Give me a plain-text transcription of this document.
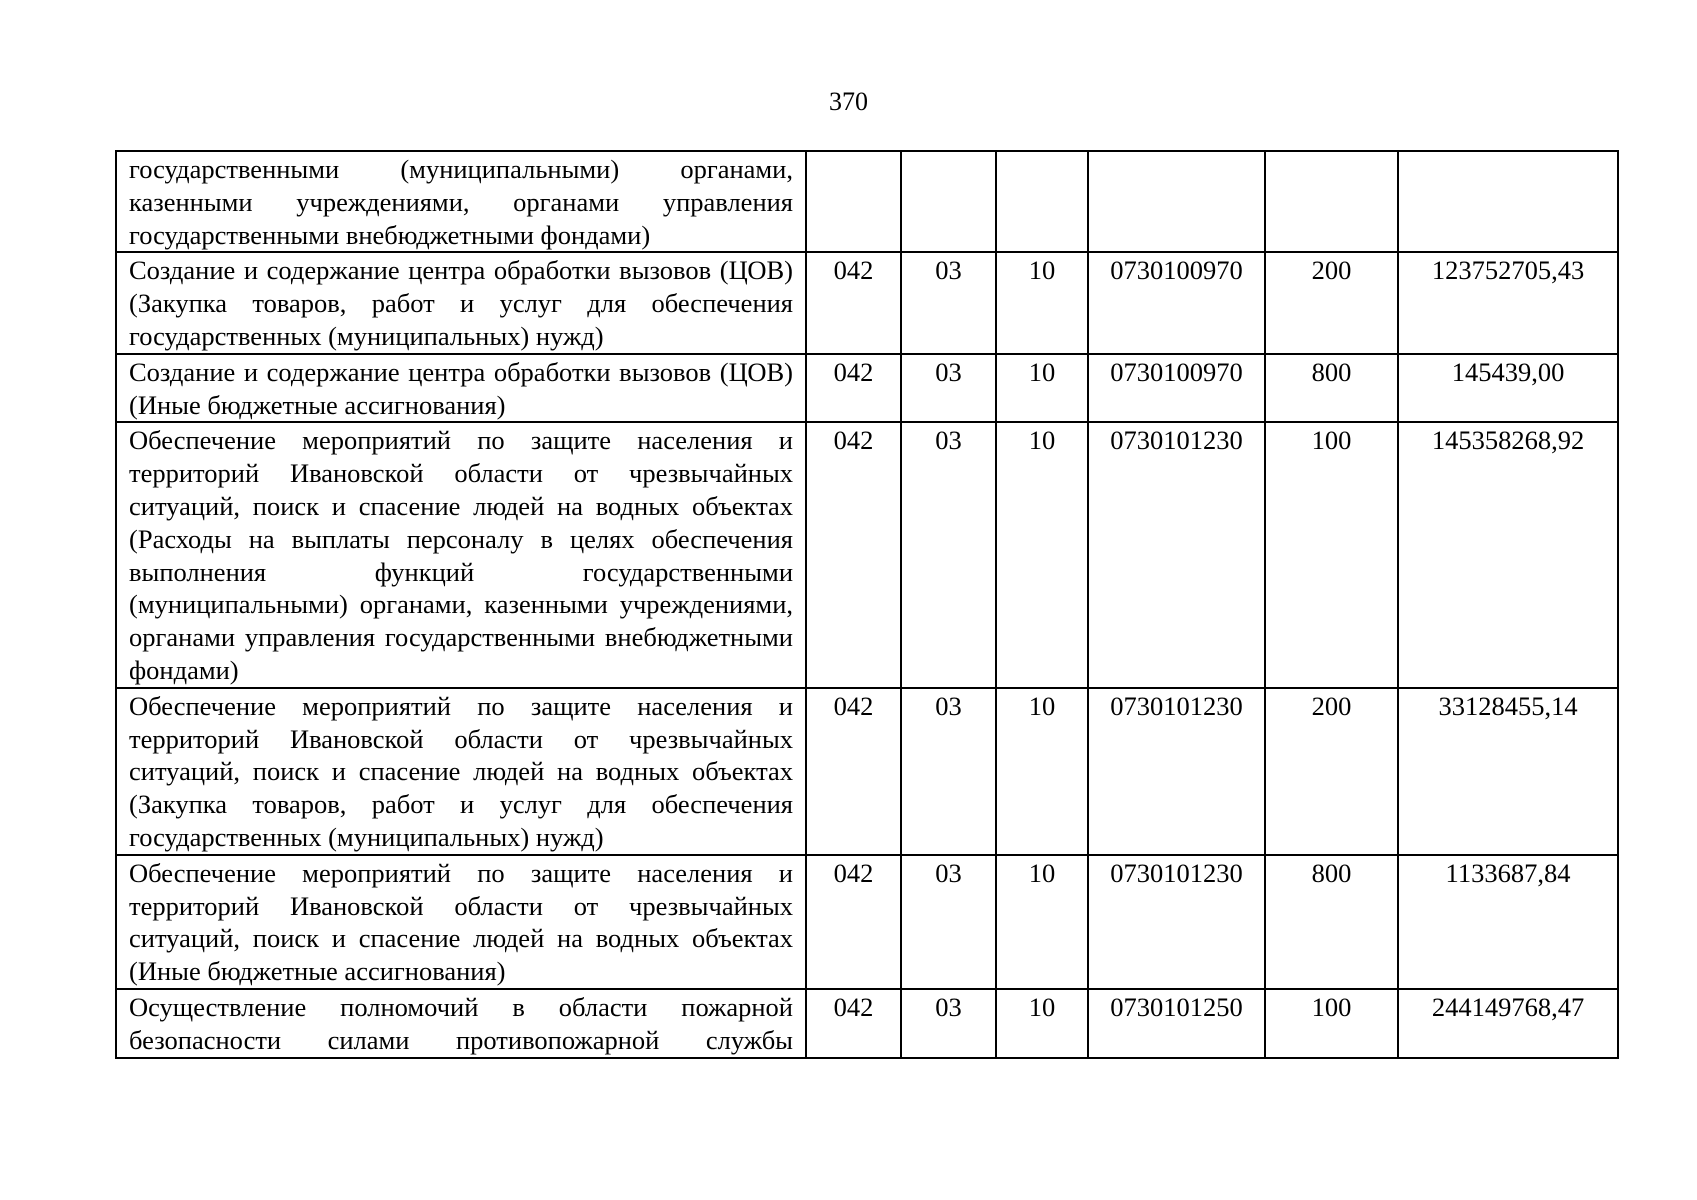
370
государственными (муниципальными) органами, казенными учреждениями, органами управления государственными внебюджетными фондами)						
Создание и содержание центра обработки вызовов (ЦОВ) (Закупка товаров, работ и услуг для обеспечения государственных (муниципальных) нужд)	042	03	10	0730100970	200	123752705,43
Создание и содержание центра обработки вызовов (ЦОВ) (Иные бюджетные ассигнования)	042	03	10	0730100970	800	145439,00
Обеспечение мероприятий по защите населения и территорий Ивановской области от чрезвычайных ситуаций, поиск и спасение людей на водных объектах (Расходы на выплаты персоналу в целях обеспечения выполнения функций государственными (муниципальными) органами, казенными учреждениями, органами управления государственными внебюджетными фондами)	042	03	10	0730101230	100	145358268,92
Обеспечение мероприятий по защите населения и территорий Ивановской области от чрезвычайных ситуаций, поиск и спасение людей на водных объектах (Закупка товаров, работ и услуг для обеспечения государственных (муниципальных) нужд)	042	03	10	0730101230	200	33128455,14
Обеспечение мероприятий по защите населения и территорий Ивановской области от чрезвычайных ситуаций, поиск и спасение людей на водных объектах (Иные бюджетные ассигнования)	042	03	10	0730101230	800	1133687,84
Осуществление полномочий в области пожарной безопасности силами противопожарной службы	042	03	10	0730101250	100	244149768,47
